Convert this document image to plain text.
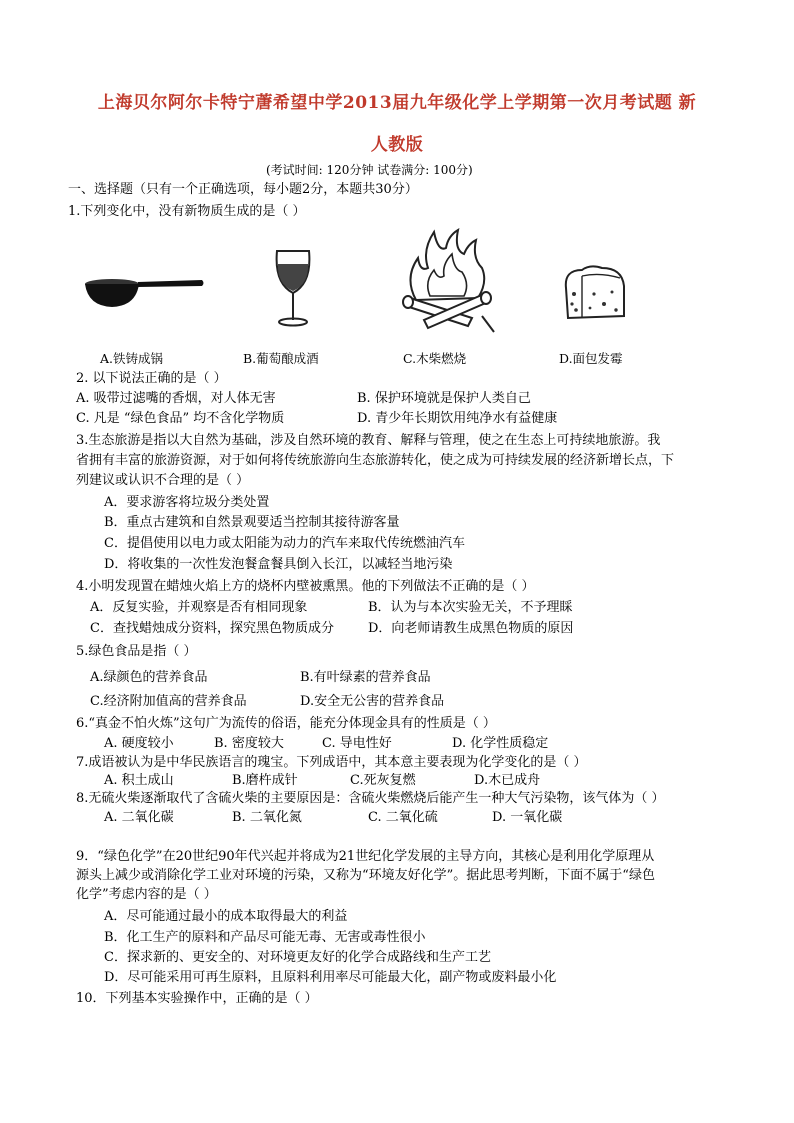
上海贝尔阿尔卡特宁蓎希望中学2013届九年级化学上学期第一次月考试题 新
人教版
(考试时间: 120分钟 试卷满分: 100分)
一、选择题（只有一个正确选项，每小题2分，本题共30分）
1.下列变化中，没有新物质生成的是（ ）
A.铁铸成锅	B.葡萄酿成酒	C.木柴燃烧	D.面包发霉
2. 以下说法正确的是（ ）
A. 吸带过滤嘴的香烟，对人体无害	B. 保护环境就是保护人类自己
C. 凡是 “绿色食品” 均不含化学物质	D. 青少年长期饮用纯净水有益健康
3.生态旅游是指以大自然为基础，涉及自然环境的教育、解释与管理，使之在生态上可持续地旅游。我
省拥有丰富的旅游资源，对于如何将传统旅游向生态旅游转化，使之成为可持续发展的经济新增长点，下
列建议或认识不合理的是（ ）
A．要求游客将垃圾分类处置
B．重点古建筑和自然景观要适当控制其接待游客量
C．提倡使用以电力或太阳能为动力的汽车来取代传统燃油汽车
D．将收集的一次性发泡餐盒餐具倒入长江，以减轻当地污染
4.小明发现置在蜡烛火焰上方的烧杯内壁被熏黑。他的下列做法不正确的是（ ）
A．反复实验，并观察是否有相同现象	B．认为与本次实验无关，不予理睬
C．查找蜡烛成分资料，探究黑色物质成分	D．向老师请教生成黑色物质的原因
5.绿色食品是指（ ）
A.绿颜色的营养食品	B.有叶绿素的营养食品
C.经济附加值高的营养食品	D.安全无公害的营养食品
6.“真金不怕火炼”这句广为流传的俗语，能充分体现金具有的性质是（ ）
A. 硬度较小	B. 密度较大	C. 导电性好	D. 化学性质稳定
7.成语被认为是中华民族语言的瑰宝。下列成语中，其本意主要表现为化学变化的是（ ）
A. 积土成山	B.磨杵成针	C.死灰复燃	D.木已成舟
8.无硫火柴逐渐取代了含硫火柴的主要原因是：含硫火柴燃烧后能产生一种大气污染物，该气体为（ ）
A. 二氧化碳	B. 二氧化氮	C. 二氧化硫	D. 一氧化碳
9．“绿色化学”在20世纪90年代兴起并将成为21世纪化学发展的主导方向，其核心是利用化学原理从
源头上减少或消除化学工业对环境的污染，又称为“环境友好化学”。据此思考判断，下面不属于“绿色
化学”考虑内容的是（ ）
A．尽可能通过最小的成本取得最大的利益
B．化工生产的原料和产品尽可能无毒、无害或毒性很小
C．探求新的、更安全的、对环境更友好的化学合成路线和生产工艺
D．尽可能采用可再生原料，且原料利用率尽可能最大化，副产物或废料最小化
10．下列基本实验操作中，正确的是（ ）
